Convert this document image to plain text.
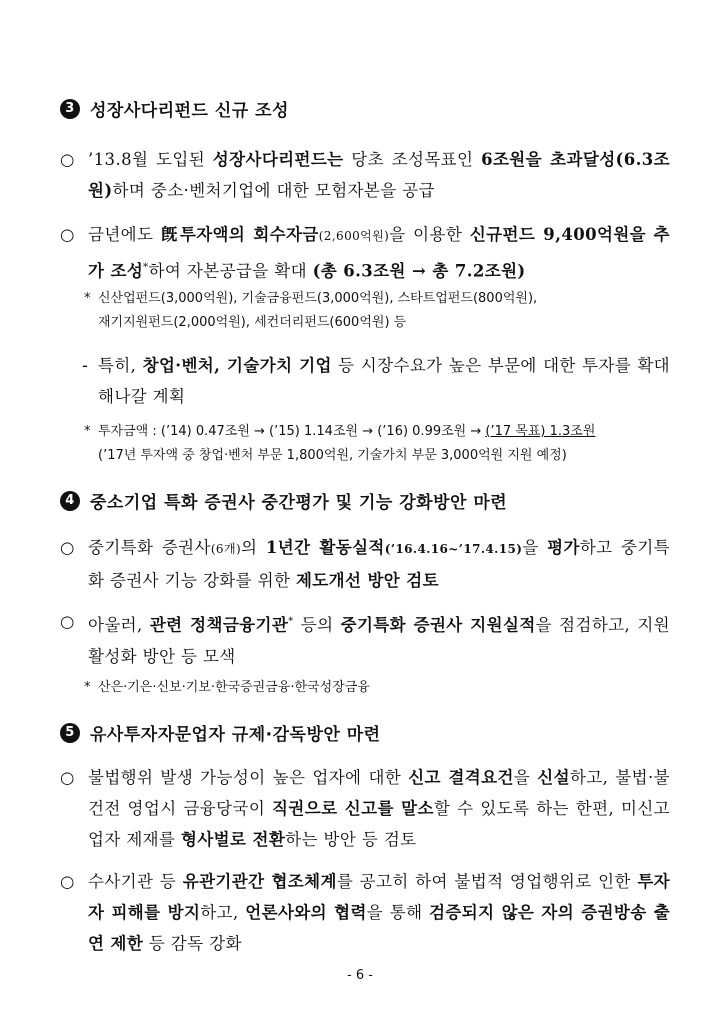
3 성장사다리펀드 신규 조성
○ ’13.8월 도입된 성장사다리펀드는 당초 조성목표인 6조원을 초과달성(6.3조원)하며 중소·벤처기업에 대한 모험자본을 공급
○ 금년에도 旣투자액의 회수자금(2,600억원)을 이용한 신규펀드 9,400억원을 추가 조성*하여 자본공급을 확대 (총 6.3조원 → 총 7.2조원)
* 신산업펀드(3,000억원), 기술금융펀드(3,000억원), 스타트업펀드(800억원),
재기지원펀드(2,000억원), 세컨더리펀드(600억원) 등
- 특히, 창업·벤처, 기술가치 기업 등 시장수요가 높은 부문에 대한 투자를 확대해나갈 계획
* 투자금액 : (’14) 0.47조원 → (’15) 1.14조원 → (’16) 0.99조원 → (’17 목표) 1.3조원
(’17년 투자액 중 창업·벤처 부문 1,800억원, 기술가치 부문 3,000억원 지원 예정)
4 중소기업 특화 증권사 중간평가 및 기능 강화방안 마련
○ 중기특화 증권사(6개)의 1년간 활동실적(’16.4.16~’17.4.15)을 평가하고 중기특화 증권사 기능 강화를 위한 제도개선 방안 검토
○ 아울러, 관련 정책금융기관* 등의 중기특화 증권사 지원실적을 점검하고, 지원 활성화 방안 등 모색
* 산은·기은·신보·기보·한국증권금융·한국성장금융
5 유사투자자문업자 규제·감독방안 마련
○ 불법행위 발생 가능성이 높은 업자에 대한 신고 결격요건을 신설하고, 불법·불건전 영업시 금융당국이 직권으로 신고를 말소할 수 있도록 하는 한편, 미신고 업자 제재를 형사벌로 전환하는 방안 등 검토
○ 수사기관 등 유관기관간 협조체계를 공고히 하여 불법적 영업행위로 인한 투자자 피해를 방지하고, 언론사와의 협력을 통해 검증되지 않은 자의 증권방송 출연 제한 등 감독 강화
- 6 -
